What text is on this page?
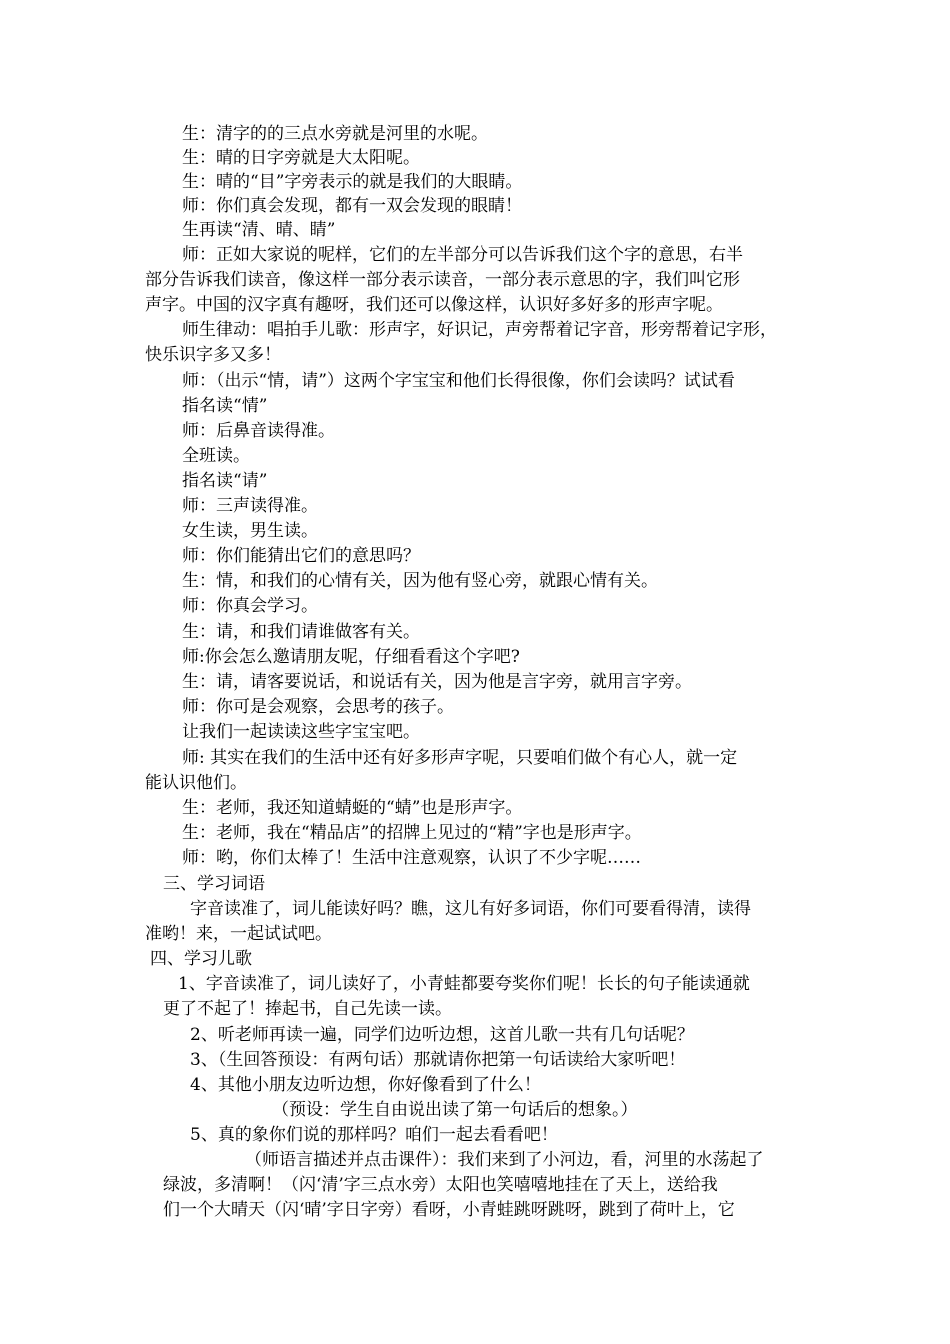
生：清字的的三点水旁就是河里的水呢。
生：晴的日字旁就是大太阳呢。
生：晴的“目”字旁表示的就是我们的大眼睛。
师：你们真会发现，都有一双会发现的眼睛！
生再读“清、晴、睛”
师：正如大家说的呢样，它们的左半部分可以告诉我们这个字的意思，右半
部分告诉我们读音，像这样一部分表示读音，一部分表示意思的字，我们叫它形
声字。中国的汉字真有趣呀，我们还可以像这样，认识好多好多的形声字呢。
师生律动：唱拍手儿歌：形声字，好识记，声旁帮着记字音，形旁帮着记字形，
快乐识字多又多！
师：（出示“情，请”）这两个字宝宝和他们长得很像，你们会读吗？试试看
指名读“情”
师：后鼻音读得准。
全班读。
指名读“请”
师：三声读得准。
女生读，男生读。
师：你们能猜出它们的意思吗？
生：情，和我们的心情有关，因为他有竖心旁，就跟心情有关。
师：你真会学习。
生：请，和我们请谁做客有关。
师:你会怎么邀请朋友呢，仔细看看这个字吧?
生：请，请客要说话，和说话有关，因为他是言字旁，就用言字旁。
师：你可是会观察，会思考的孩子。
让我们一起读读这些字宝宝吧。
师: 其实在我们的生活中还有好多形声字呢，只要咱们做个有心人，就一定
能认识他们。
生：老师，我还知道蜻蜓的“蜻”也是形声字。
生：老师，我在“精品店”的招牌上见过的“精”字也是形声字。
师：哟，你们太棒了！生活中注意观察，认识了不少字呢……
三、学习词语
字音读准了，词儿能读好吗？瞧，这儿有好多词语，你们可要看得清，读得
准哟！来，一起试试吧。
四、学习儿歌
1、字音读准了，词儿读好了，小青蛙都要夸奖你们呢！长长的句子能读通就
更了不起了！捧起书，自己先读一读。
2、听老师再读一遍，同学们边听边想，这首儿歌一共有几句话呢？
3、（生回答预设：有两句话）那就请你把第一句话读给大家听吧！
4、其他小朋友边听边想，你好像看到了什么！
（预设：学生自由说出读了第一句话后的想象。）
5、真的象你们说的那样吗？咱们一起去看看吧！
（师语言描述并点击课件）：我们来到了小河边，看，河里的水荡起了
绿波，多清啊！（闪‘清’字三点水旁）太阳也笑嘻嘻地挂在了天上，送给我
们一个大晴天（闪‘晴’字日字旁）看呀，小青蛙跳呀跳呀，跳到了荷叶上，它
